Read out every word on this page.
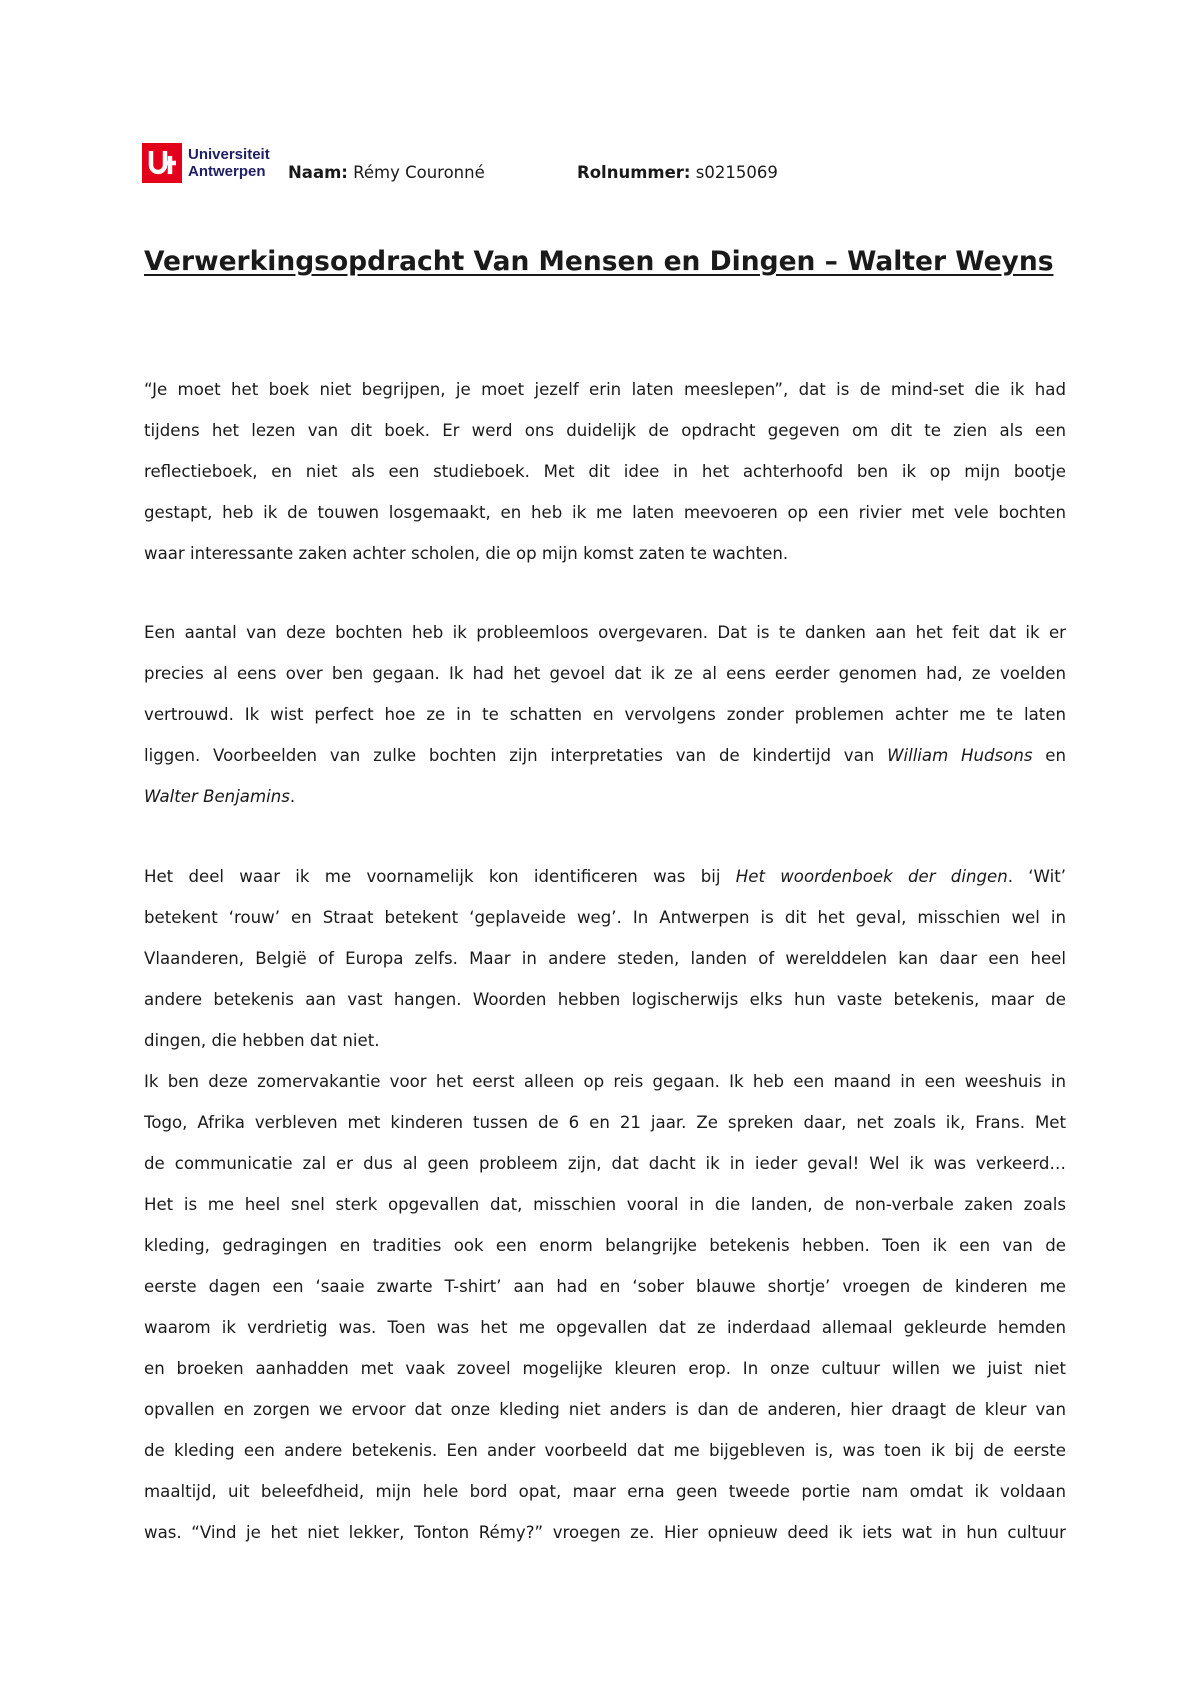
Universiteit
Antwerpen Naam: Rémy Couronné	Rolnummer: s0215069
Verwerkingsopdracht Van Mensen en Dingen – Walter Weyns
“Je moet het boek niet begrijpen, je moet jezelf erin laten meeslepen”, dat is de mind-set die ik had
tijdens het lezen van dit boek. Er werd ons duidelijk de opdracht gegeven om dit te zien als een
reflectieboek, en niet als een studieboek. Met dit idee in het achterhoofd ben ik op mijn bootje
gestapt, heb ik de touwen losgemaakt, en heb ik me laten meevoeren op een rivier met vele bochten
waar interessante zaken achter scholen, die op mijn komst zaten te wachten.
Een aantal van deze bochten heb ik probleemloos overgevaren. Dat is te danken aan het feit dat ik er
precies al eens over ben gegaan. Ik had het gevoel dat ik ze al eens eerder genomen had, ze voelden
vertrouwd. Ik wist perfect hoe ze in te schatten en vervolgens zonder problemen achter me te laten
liggen. Voorbeelden van zulke bochten zijn interpretaties van de kindertijd van William Hudsons en
Walter Benjamins.
Het deel waar ik me voornamelijk kon identificeren was bij Het woordenboek der dingen. ‘Wit’
betekent ‘rouw’ en Straat betekent ‘geplaveide weg’. In Antwerpen is dit het geval, misschien wel in
Vlaanderen, België of Europa zelfs. Maar in andere steden, landen of werelddelen kan daar een heel
andere betekenis aan vast hangen. Woorden hebben logischerwijs elks hun vaste betekenis, maar de
dingen, die hebben dat niet.
Ik ben deze zomervakantie voor het eerst alleen op reis gegaan. Ik heb een maand in een weeshuis in
Togo, Afrika verbleven met kinderen tussen de 6 en 21 jaar. Ze spreken daar, net zoals ik, Frans. Met
de communicatie zal er dus al geen probleem zijn, dat dacht ik in ieder geval! Wel ik was verkeerd…
Het is me heel snel sterk opgevallen dat, misschien vooral in die landen, de non-verbale zaken zoals
kleding, gedragingen en tradities ook een enorm belangrijke betekenis hebben. Toen ik een van de
eerste dagen een ‘saaie zwarte T-shirt’ aan had en ‘sober blauwe shortje’ vroegen de kinderen me
waarom ik verdrietig was. Toen was het me opgevallen dat ze inderdaad allemaal gekleurde hemden
en broeken aanhadden met vaak zoveel mogelijke kleuren erop. In onze cultuur willen we juist niet
opvallen en zorgen we ervoor dat onze kleding niet anders is dan de anderen, hier draagt de kleur van
de kleding een andere betekenis. Een ander voorbeeld dat me bijgebleven is, was toen ik bij de eerste
maaltijd, uit beleefdheid, mijn hele bord opat, maar erna geen tweede portie nam omdat ik voldaan
was. “Vind je het niet lekker, Tonton Rémy?” vroegen ze. Hier opnieuw deed ik iets wat in hun cultuur
